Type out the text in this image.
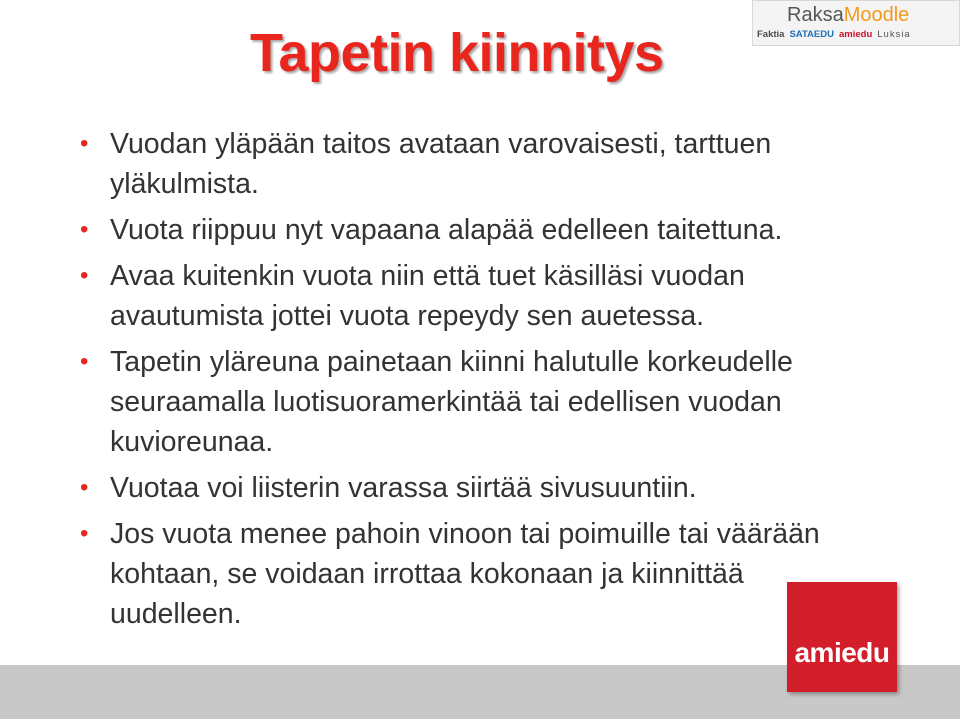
Tapetin kiinnitys
RaksaMoodle
Faktia SATAEDU amiedu Luksia
• Vuodan yläpään taitos avataan varovaisesti, tarttuen yläkulmista.
• Vuota riippuu nyt vapaana alapää edelleen taitettuna.
• Avaa kuitenkin vuota niin että tuet käsilläsi vuodan avautumista jottei vuota repeydy sen auetessa.
• Tapetin yläreuna painetaan kiinni halutulle korkeudelle seuraamalla luotisuoramerkintää tai edellisen vuodan kuvioreunaa.
• Vuotaa voi liisterin varassa siirtää sivusuuntiin.
• Jos vuota menee pahoin vinoon tai poimuille tai väärään kohtaan, se voidaan irrottaa kokonaan ja kiinnittää uudelleen.
amiedu
